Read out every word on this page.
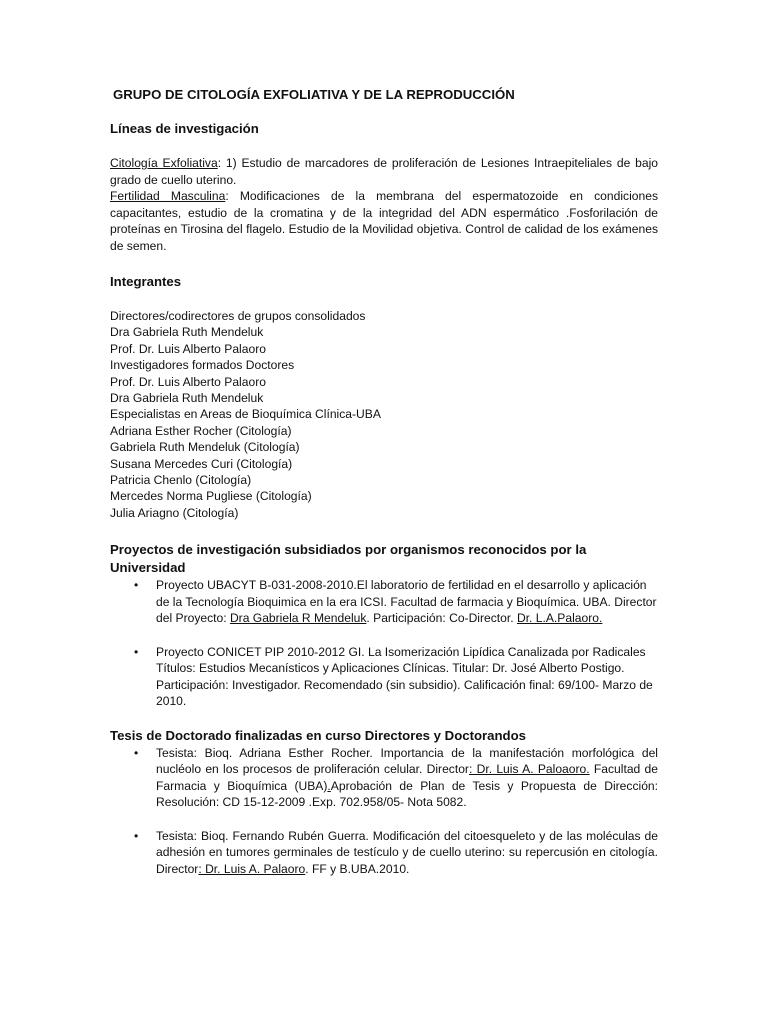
GRUPO DE CITOLOGÍA EXFOLIATIVA Y DE LA REPRODUCCIÓN
Líneas de investigación
Citología Exfoliativa: 1) Estudio de marcadores de proliferación de Lesiones Intraepiteliales de bajo grado de cuello uterino.
Fertilidad Masculina: Modificaciones de la membrana del espermatozoide en condiciones capacitantes, estudio de la cromatina y de la integridad del ADN espermático .Fosforilación de proteínas en Tirosina del flagelo. Estudio de la Movilidad objetiva. Control de calidad de los exámenes de semen.
Integrantes
Directores/codirectores de grupos consolidados
Dra Gabriela Ruth Mendeluk
Prof. Dr. Luis Alberto Palaoro
Investigadores formados Doctores
Prof. Dr. Luis Alberto Palaoro
Dra Gabriela Ruth Mendeluk
Especialistas en Areas de Bioquímica Clínica-UBA
Adriana Esther Rocher (Citología)
Gabriela Ruth Mendeluk (Citología)
Susana Mercedes Curi (Citología)
Patricia Chenlo (Citología)
Mercedes Norma Pugliese (Citología)
Julia Ariagno (Citología)
Proyectos de investigación subsidiados por organismos reconocidos por la Universidad
• Proyecto UBACYT B-031-2008-2010.El laboratorio de fertilidad en el desarrollo y aplicación de la Tecnología Bioquimica en la era ICSI. Facultad de farmacia y Bioquímica. UBA. Director del Proyecto: Dra Gabriela R Mendeluk. Participación: Co-Director. Dr. L.A.Palaoro.
• Proyecto CONICET PIP 2010-2012 GI. La Isomerización Lipídica Canalizada por Radicales Títulos: Estudios Mecanísticos y Aplicaciones Clínicas. Titular: Dr. José Alberto Postigo. Participación: Investigador. Recomendado (sin subsidio). Calificación final: 69/100- Marzo de 2010.
Tesis de Doctorado finalizadas en curso Directores y Doctorandos
• Tesista: Bioq. Adriana Esther Rocher. Importancia de la manifestación morfológica del nucléolo en los procesos de proliferación celular. Director: Dr. Luis A. Paloaoro. Facultad de Farmacia y Bioquímica (UBA).Aprobación de Plan de Tesis y Propuesta de Dirección: Resolución: CD 15-12-2009 .Exp. 702.958/05- Nota 5082.
• Tesista: Bioq. Fernando Rubén Guerra. Modificación del citoesqueleto y de las moléculas de adhesión en tumores germinales de testículo y de cuello uterino: su repercusión en citología. Director: Dr. Luis A. Palaoro. FF y B.UBA.2010.
